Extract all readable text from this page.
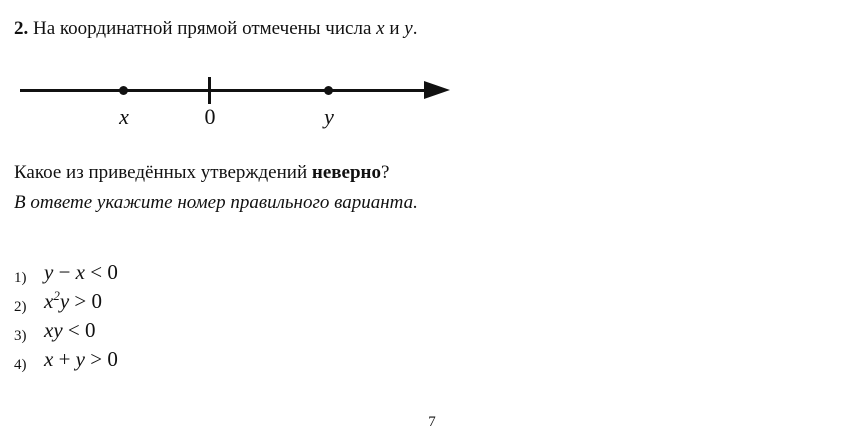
2. На координатной прямой отмечены числа x и y.
x	0	y
Какое из приведённых утверждений неверно?
В ответе укажите номер правильного варианта.
1) y − x < 0
2) $x^2y > 0$
3) xy < 0
4) x + y > 0
7
